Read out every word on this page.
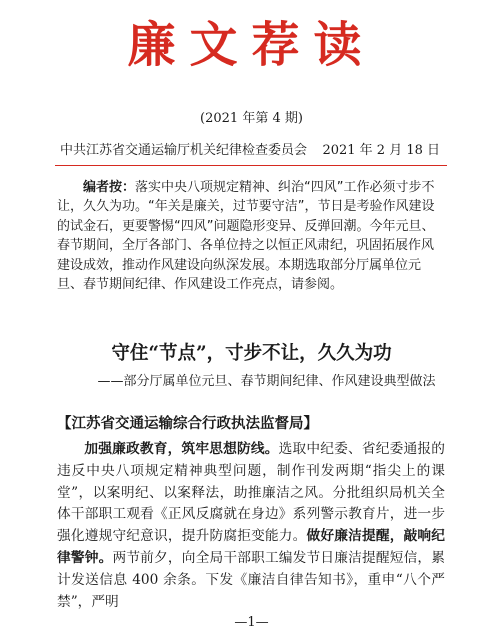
廉文荐读
(2021 年第 4 期)
中共江苏省交通运输厅机关纪律检查委员会 2021 年 2 月 18 日
编者按：落实中央八项规定精神、纠治“四风”工作必须寸步不让，久久为功。“年关是廉关，过节要守洁”，节日是考验作风建设的试金石，更要警惕“四风”问题隐形变异、反弹回潮。今年元旦、春节期间，全厅各部门、各单位持之以恒正风肃纪，巩固拓展作风建设成效，推动作风建设向纵深发展。本期选取部分厅属单位元旦、春节期间纪律、作风建设工作亮点，请参阅。
守住“节点”，寸步不让，久久为功
——部分厅属单位元旦、春节期间纪律、作风建设典型做法
【江苏省交通运输综合行政执法监督局】
加强廉政教育，筑牢思想防线。选取中纪委、省纪委通报的违反中央八项规定精神典型问题，制作刊发两期“指尖上的课堂”，以案明纪、以案释法，助推廉洁之风。分批组织局机关全体干部职工观看《正风反腐就在身边》系列警示教育片，进一步强化遵规守纪意识，提升防腐拒变能力。做好廉洁提醒，敲响纪律警钟。两节前夕，向全局干部职工编发节日廉洁提醒短信，累计发送信息 400 余条。下发《廉洁自律告知书》，重申“八个严禁”，严明
—1—
